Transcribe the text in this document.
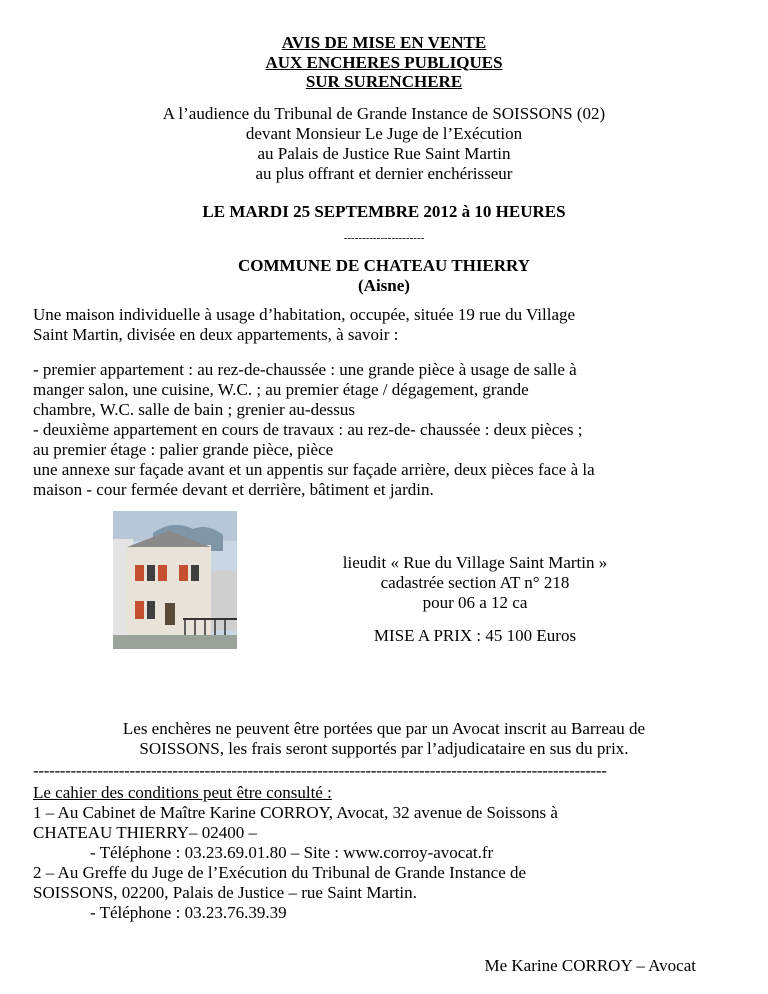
AVIS DE MISE EN VENTE
AUX ENCHERES PUBLIQUES
SUR SURENCHERE
A l’audience du Tribunal de Grande Instance de SOISSONS (02)
devant Monsieur Le Juge de l’Exécution
au Palais de Justice Rue Saint Martin
au plus offrant et dernier enchérisseur
LE MARDI 25 SEPTEMBRE 2012 à 10 HEURES
----------------------
COMMUNE DE CHATEAU THIERRY
(Aisne)
Une maison individuelle à usage d’habitation, occupée, située 19 rue du Village
Saint Martin, divisée en deux appartements, à savoir :
- premier appartement : au rez-de-chaussée : une grande pièce à usage de salle à
manger salon, une cuisine, W.C. ; au premier étage / dégagement, grande
chambre, W.C. salle de bain ; grenier au-dessus
- deuxième appartement en cours de travaux : au rez-de- chaussée : deux pièces ;
au premier étage : palier grande pièce, pièce
une annexe sur façade avant et un appentis sur façade arrière, deux pièces face à la
maison - cour fermée devant et derrière, bâtiment et jardin.
lieudit « Rue du Village Saint Martin »
cadastrée section AT n° 218
pour 06 a 12 ca
MISE A PRIX : 45 100 Euros
Les enchères ne peuvent être portées que par un Avocat inscrit au Barreau de
SOISSONS, les frais seront supportés par l’adjudicataire en sus du prix.
-----------------------------------------------------------------------------------------------------------
Le cahier des conditions peut être consulté :
1 – Au Cabinet de Maître Karine CORROY, Avocat, 32 avenue de Soissons à
CHATEAU THIERRY– 02400 –
- Téléphone : 03.23.69.01.80 – Site : www.corroy-avocat.fr
2 – Au Greffe du Juge de l’Exécution du Tribunal de Grande Instance de
SOISSONS, 02200, Palais de Justice – rue Saint Martin.
- Téléphone : 03.23.76.39.39
Me Karine CORROY – Avocat
